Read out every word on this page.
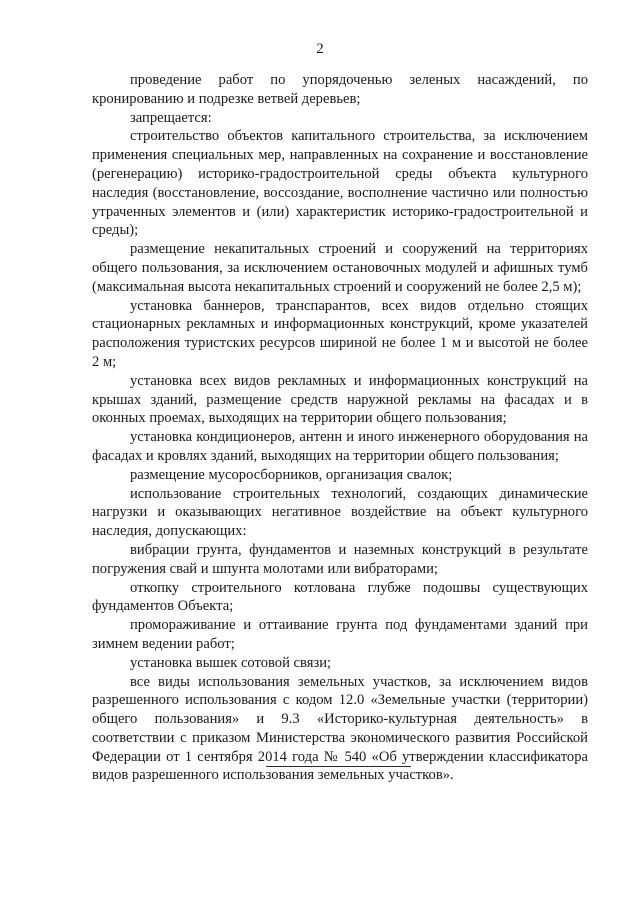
2

проведение работ по упорядоченью зеленых насаждений, по кронированию и подрезке ветвей деревьев;

запрещается:

строительство объектов капитального строительства, за исключением применения специальных мер, направленных на сохранение и восстановление (регенерацию) историко-градостроительной среды объекта культурного наследия (восстановление, воссоздание, восполнение частично или полностью утраченных элементов и (или) характеристик историко-градостроительной и среды);

размещение некапитальных строений и сооружений на территориях общего пользования, за исключением остановочных модулей и афишных тумб (максимальная высота некапитальных строений и сооружений не более 2,5 м);

установка баннеров, транспарантов, всех видов отдельно стоящих стационарных рекламных и информационных конструкций, кроме указателей расположения туристских ресурсов шириной не более 1 м и высотой не более 2 м;

установка всех видов рекламных и информационных конструкций на крышах зданий, размещение средств наружной рекламы на фасадах и в оконных проемах, выходящих на территории общего пользования;

установка кондиционеров, антенн и иного инженерного оборудования на фасадах и кровлях зданий, выходящих на территории общего пользования;

размещение мусоросборников, организация свалок;

использование строительных технологий, создающих динамические нагрузки и оказывающих негативное воздействие на объект культурного наследия, допускающих:

вибрации грунта, фундаментов и наземных конструкций в результате погружения свай и шпунта молотами или вибраторами;

откопку строительного котлована глубже подошвы существующих фундаментов Объекта;

промораживание и оттаивание грунта под фундаментами зданий при зимнем ведении работ;

установка вышек сотовой связи;

все виды использования земельных участков, за исключением видов разрешенного использования с кодом 12.0 «Земельные участки (территории) общего пользования» и 9.3 «Историко-культурная деятельность» в соответствии с приказом Министерства экономического развития Российской Федерации от 1 сентября 2014 года № 540 «Об утверждении классификатора видов разрешенного использования земельных участков».
